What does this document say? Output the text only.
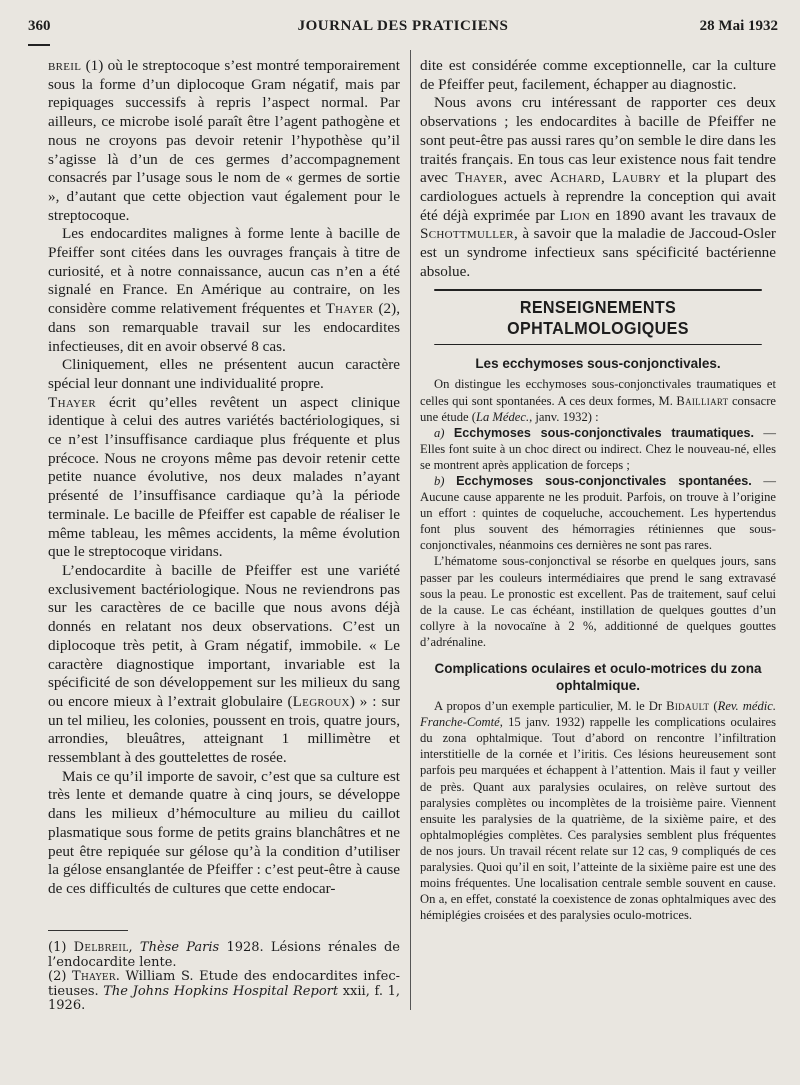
360	JOURNAL DES PRATICIENS	28 Mai 1932

breil (1) où le streptocoque s’est montré temporairement sous la forme d’un diplocoque Gram négatif, mais par repiquages successifs à repris l’aspect normal. Par ailleurs, ce microbe isolé paraît être l’agent pathogène et nous ne croyons pas devoir retenir l’hypothèse qu’il s’agisse là d’un de ces germes d’accompagnement consacrés par l’usage sous le nom de « germes de sortie », d’autant que cette objection vaut également pour le streptocoque.

Les endocardites malignes à forme lente à bacille de Pfeiffer sont citées dans les ouvrages français à titre de curiosité, et à notre connaissance, aucun cas n’en a été signalé en France. En Amérique au contraire, on les considère comme relativement fréquentes et Thayer (2), dans son remarquable travail sur les endocardites infectieuses, dit en avoir observé 8 cas.

Cliniquement, elles ne présentent aucun caractère spécial leur donnant une individualité propre.

Thayer écrit qu’elles revêtent un aspect clinique identique à celui des autres variétés bactériologiques, si ce n’est l’insuffisance cardiaque plus fréquente et plus précoce. Nous ne croyons même pas devoir retenir cette petite nuance évolutive, nos deux malades n’ayant présenté de l’insuffisance cardiaque qu’à la période terminale. Le bacille de Pfeiffer est capable de réaliser le même tableau, les mêmes accidents, la même évolution que le streptocoque viridans.

L’endocardite à bacille de Pfeiffer est une variété exclusivement bactériologique. Nous ne reviendrons pas sur les caractères de ce bacille que nous avons déjà donnés en relatant nos deux observations. C’est un diplocoque très petit, à Gram négatif, immobile. « Le caractère diagnostique important, invariable est la spécificité de son développement sur les milieux du sang ou encore mieux à l’extrait globulaire (Legroux) » : sur un tel milieu, les colonies, poussent en trois, quatre jours, arrondies, bleuâtres, atteignant 1 millimètre et ressemblant à des gouttelettes de rosée.

Mais ce qu’il importe de savoir, c’est que sa culture est très lente et demande quatre à cinq jours, se développe dans les milieux d’hémoculture au milieu du caillot plasmatique sous forme de petits grains blanchâtres et ne peut être repiquée sur gélose qu’à la condition d’utiliser la gélose ensanglantée de Pfeiffer : c’est peut-être à cause de ces difficultés de cultures que cette endocar-

(1) Delbreil, Thèse Paris 1928. Lésions rénales de l’endocardite lente.

(2) Thayer. William S. Etude des endocardites infectieuses. The Johns Hopkins Hospital Report xxii, f. 1, 1926.

dite est considérée comme exceptionnelle, car la culture de Pfeiffer peut, facilement, échapper au diagnostic.

Nous avons cru intéressant de rapporter ces deux observations ; les endocardites à bacille de Pfeiffer ne sont peut-être pas aussi rares qu’on semble le dire dans les traités français. En tous cas leur existence nous fait tendre avec Thayer, avec Achard, Laubry et la plupart des cardiologues actuels à reprendre la conception qui avait été déjà exprimée par Lion en 1890 avant les travaux de Schottmuller, à savoir que la maladie de Jaccoud-Osler est un syndrome infectieux sans spécificité bactérienne absolue.

RENSEIGNEMENTS OPHTALMOLOGIQUES
Les ecchymoses sous-conjonctivales.

On distingue les ecchymoses sous-conjonctivales traumatiques et celles qui sont spontanées. A ces deux formes, M. Bailliart consacre une étude (La Médec., janv. 1932) :

a) Ecchymoses sous-conjonctivales traumatiques. — Elles font suite à un choc direct ou indirect. Chez le nouveau-né, elles se montrent après application de forceps ;

b) Ecchymoses sous-conjonctivales spontanées. — Aucune cause apparente ne les produit. Parfois, on trouve à l’origine un effort : quintes de coqueluche, accouchement. Les hypertendus font plus souvent des hémorragies rétiniennes que sous-conjonctivales, néanmoins ces dernières ne sont pas rares.

L’hématome sous-conjonctival se résorbe en quelques jours, sans passer par les couleurs intermédiaires que prend le sang extravasé sous la peau. Le pronostic est excellent. Pas de traitement, sauf celui de la cause. Le cas échéant, instillation de quelques gouttes d’un collyre à la novocaïne à 2 %, additionné de quelques gouttes d’adrénaline.

Complications oculaires et oculo-motrices du zona ophtalmique.

A propos d’un exemple particulier, M. le Dr Bidault (Rev. médic. Franche-Comté, 15 janv. 1932) rappelle les complications oculaires du zona ophtalmique. Tout d’abord on rencontre l’infiltration interstitielle de la cornée et l’iritis. Ces lésions heureusement sont parfois peu marquées et échappent à l’attention. Mais il faut y veiller de près. Quant aux paralysies oculaires, on relève surtout des paralysies complètes ou incomplètes de la troisième paire. Viennent ensuite les paralysies de la quatrième, de la sixième paire, et des ophtalmoplégies complètes. Ces paralysies semblent plus fréquentes de nos jours. Un travail récent relate sur 12 cas, 9 compliqués de ces paralysies. Quoi qu’il en soit, l’atteinte de la sixième paire est une des moins fréquentes. Une localisation centrale semble souvent en cause. On a, en effet, constaté la coexistence de zonas ophtalmiques avec des hémiplégies croisées et des paralysies oculo-motrices.
